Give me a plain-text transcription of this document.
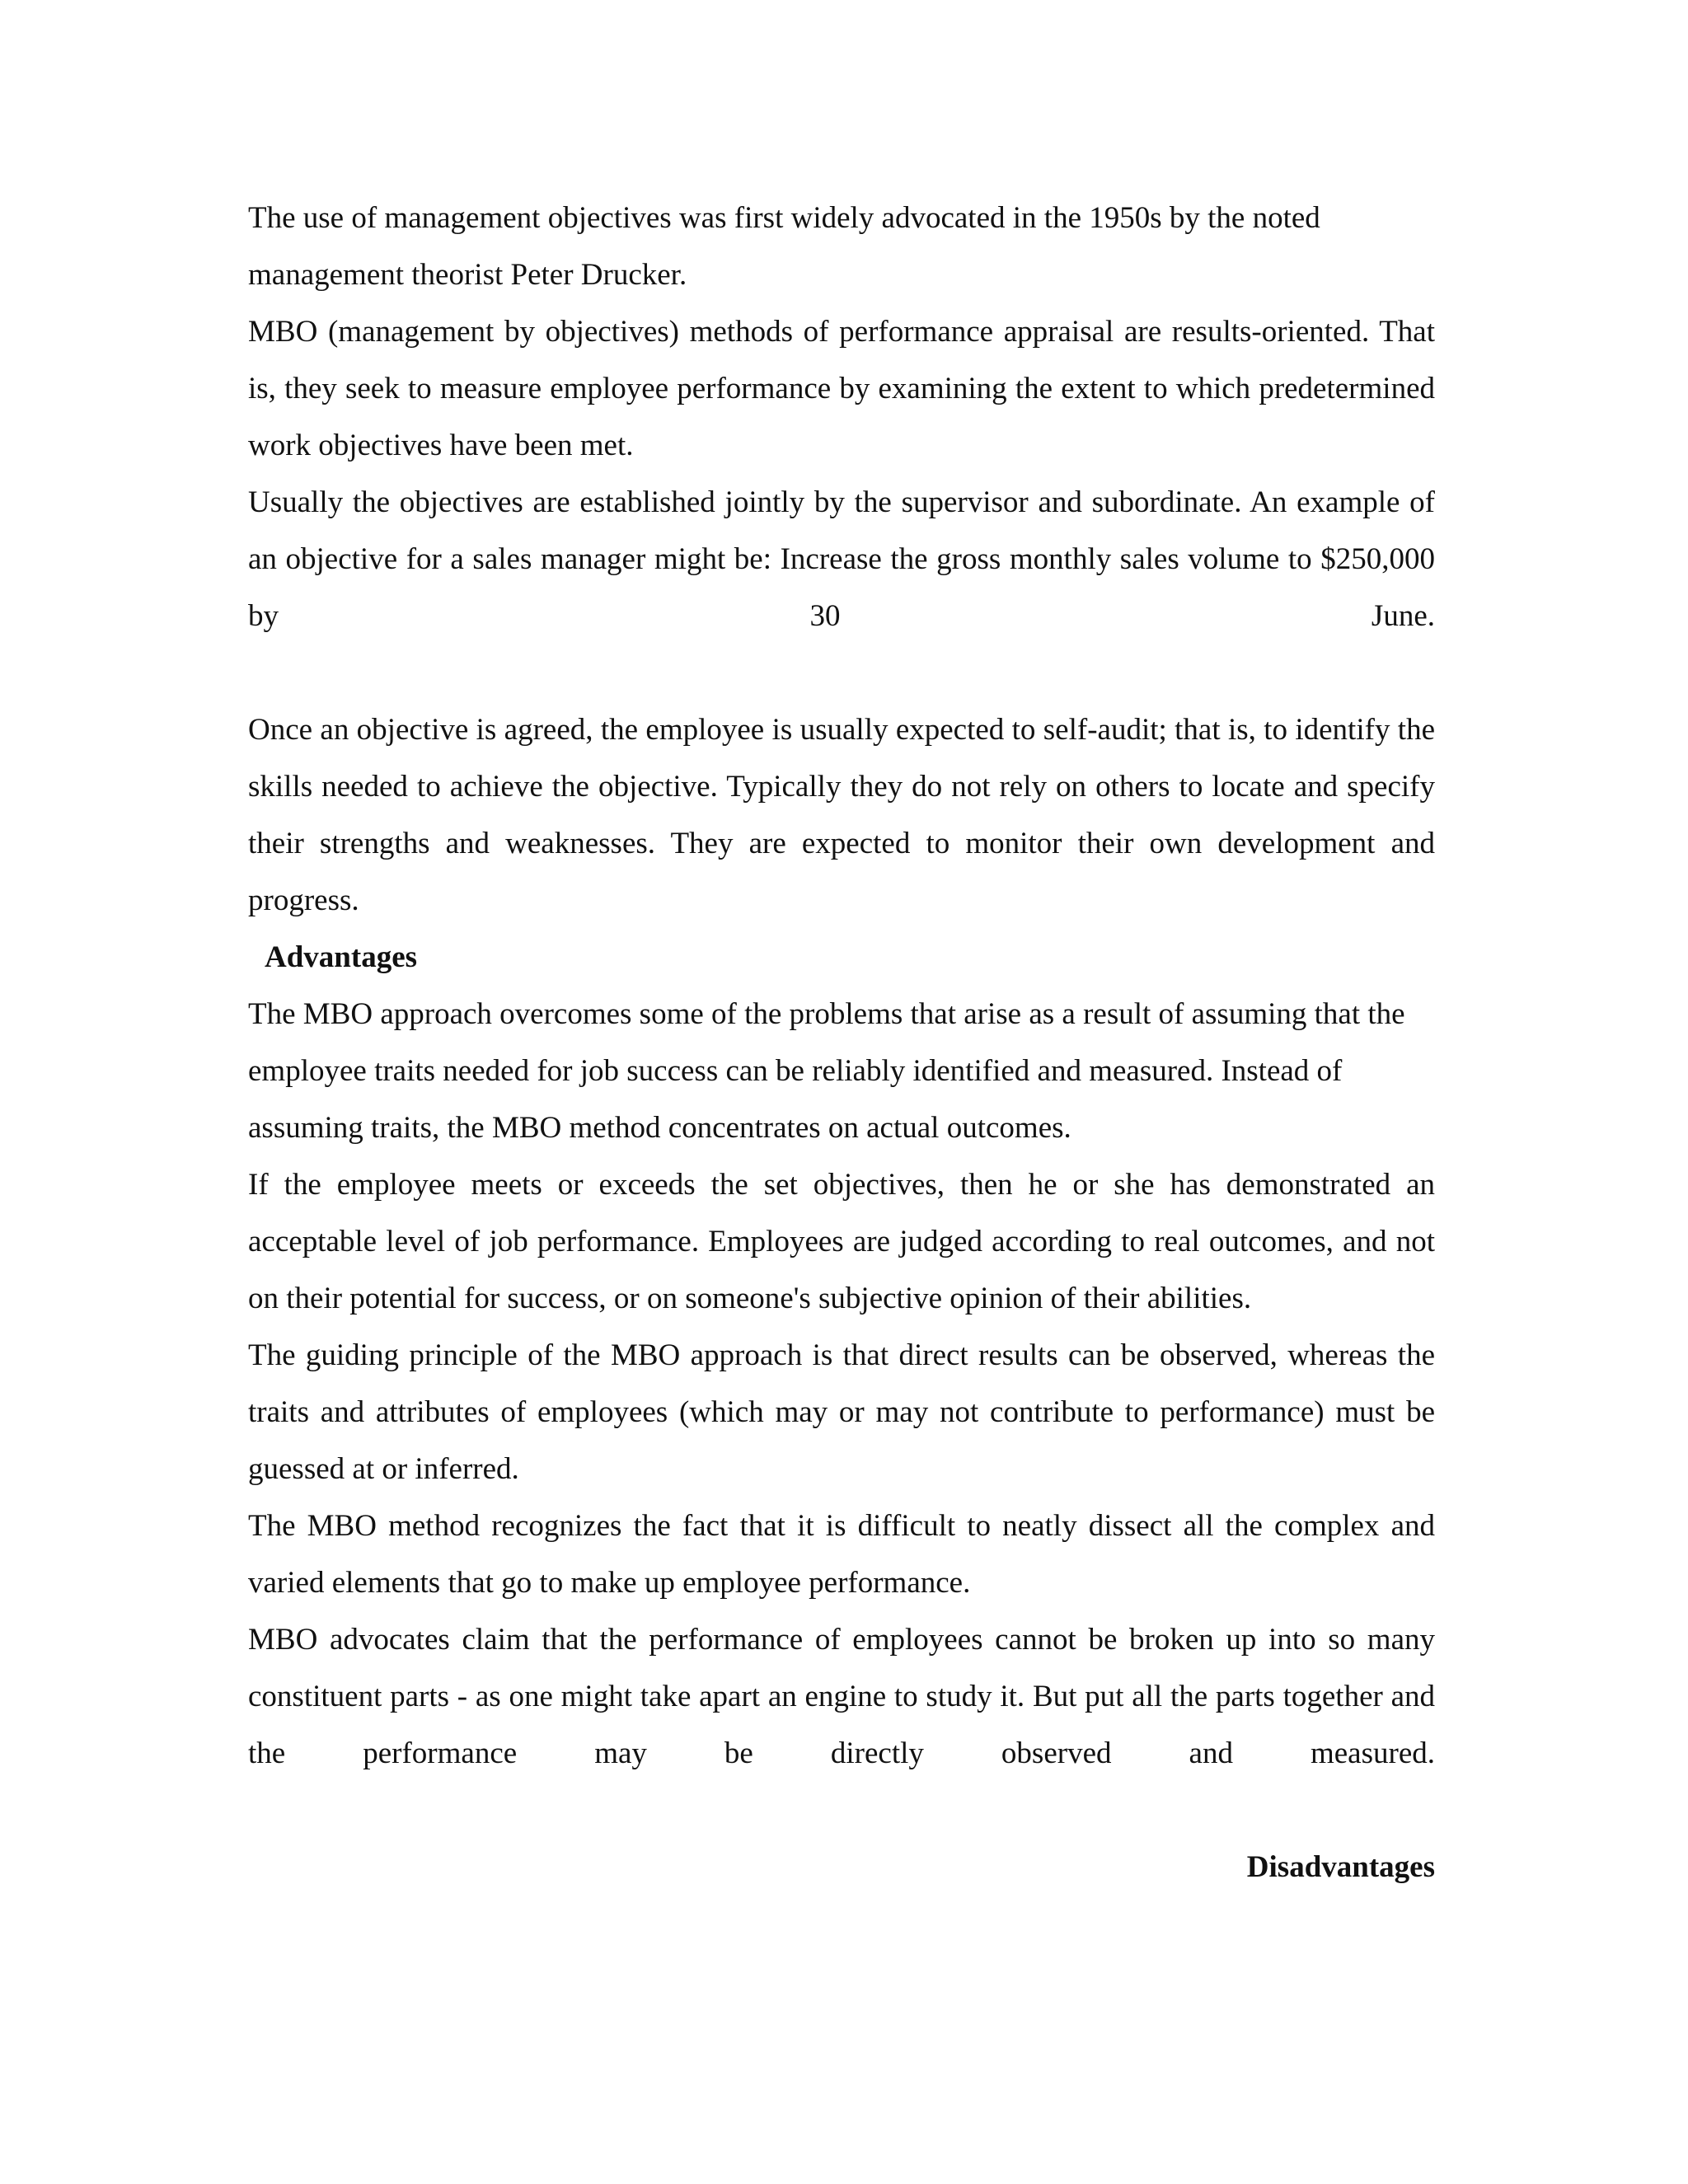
The use of management objectives was first widely advocated in the 1950s by the noted management theorist Peter Drucker.

MBO (management by objectives) methods of performance appraisal are results-oriented. That is, they seek to measure employee performance by examining the extent to which predetermined work objectives have been met.

Usually the objectives are established jointly by the supervisor and subordinate. An example of an objective for a sales manager might be: Increase the gross monthly sales volume to $250,000 by 30 June.

Once an objective is agreed, the employee is usually expected to self-audit; that is, to identify the skills needed to achieve the objective. Typically they do not rely on others to locate and specify their strengths and weaknesses. They are expected to monitor their own development and progress.

Advantages

The MBO approach overcomes some of the problems that arise as a result of assuming that the employee traits needed for job success can be reliably identified and measured. Instead of assuming traits, the MBO method concentrates on actual outcomes.

If the employee meets or exceeds the set objectives, then he or she has demonstrated an acceptable level of job performance. Employees are judged according to real outcomes, and not on their potential for success, or on someone's subjective opinion of their abilities.

The guiding principle of the MBO approach is that direct results can be observed, whereas the traits and attributes of employees (which may or may not contribute to performance) must be guessed at or inferred.

The MBO method recognizes the fact that it is difficult to neatly dissect all the complex and varied elements that go to make up employee performance.

MBO advocates claim that the performance of employees cannot be broken up into so many constituent parts - as one might take apart an engine to study it. But put all the parts together and the performance may be directly observed and measured.

Disadvantages
